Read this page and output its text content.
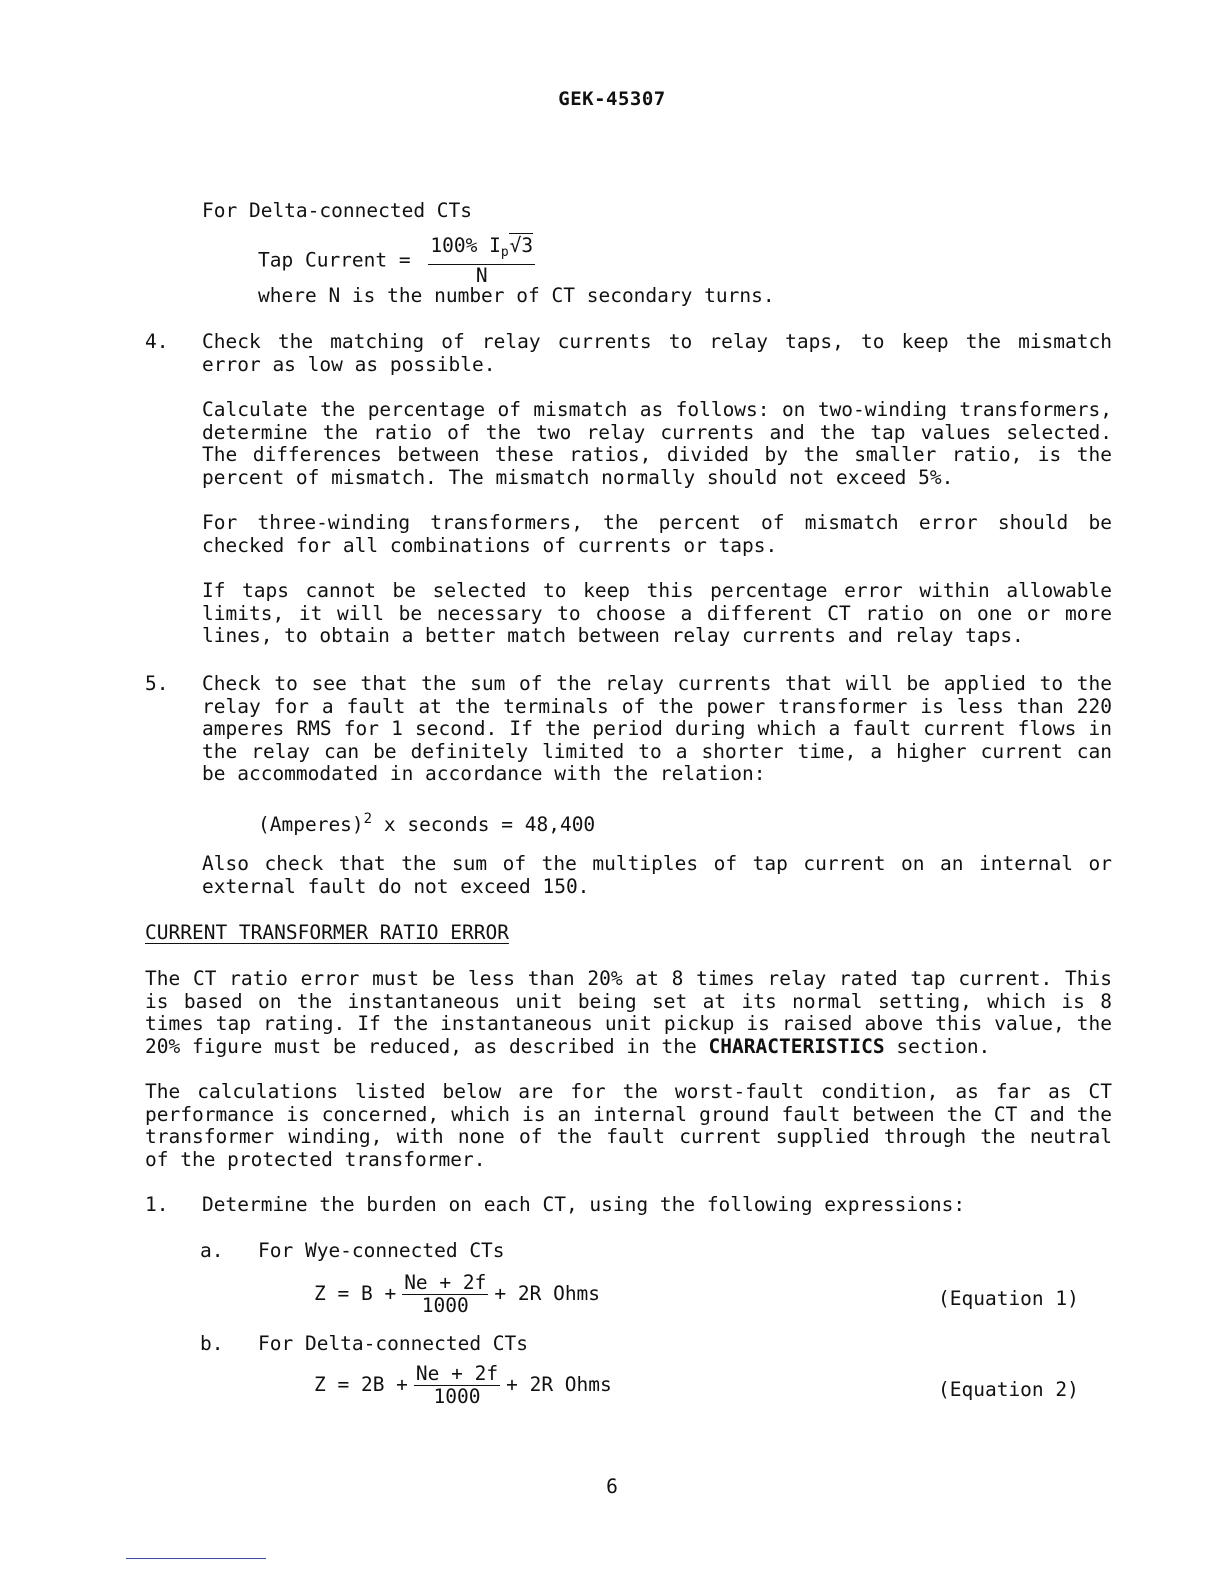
GEK-45307
For Delta-connected CTs
Tap Current = $\frac{100\% I_p√3}{N}$
where N is the number of CT secondary turns.
4. Check the matching of relay currents to relay taps, to keep the mismatch error as low as possible.
Calculate the percentage of mismatch as follows: on two-winding transformers, determine the ratio of the two relay currents and the tap values selected. The differences between these ratios, divided by the smaller ratio, is the percent of mismatch. The mismatch normally should not exceed 5%.
For three-winding transformers, the percent of mismatch error should be checked for all combinations of currents or taps.
If taps cannot be selected to keep this percentage error within allowable limits, it will be necessary to choose a different CT ratio on one or more lines, to obtain a better match between relay currents and relay taps.
5. Check to see that the sum of the relay currents that will be applied to the relay for a fault at the terminals of the power transformer is less than 220 amperes RMS for 1 second. If the period during which a fault current flows in the relay can be definitely limited to a shorter time, a higher current can be accommodated in accordance with the relation:
(Amperes)$^2$ x seconds = 48,400
Also check that the sum of the multiples of tap current on an internal or external fault do not exceed 150.
CURRENT TRANSFORMER RATIO ERROR
The CT ratio error must be less than 20% at 8 times relay rated tap current. This is based on the instantaneous unit being set at its normal setting, which is 8 times tap rating. If the instantaneous unit pickup is raised above this value, the 20% figure must be reduced, as described in the CHARACTERISTICS section.
The calculations listed below are for the worst-fault condition, as far as CT performance is concerned, which is an internal ground fault between the CT and the transformer winding, with none of the fault current supplied through the neutral of the protected transformer.
1. Determine the burden on each CT, using the following expressions:
a. For Wye-connected CTs
$Z = B + \frac{Ne + 2f}{1000} + 2R$ Ohms	(Equation 1)
b. For Delta-connected CTs
$Z = 2B + \frac{Ne + 2f}{1000} + 2R$ Ohms	(Equation 2)
6
